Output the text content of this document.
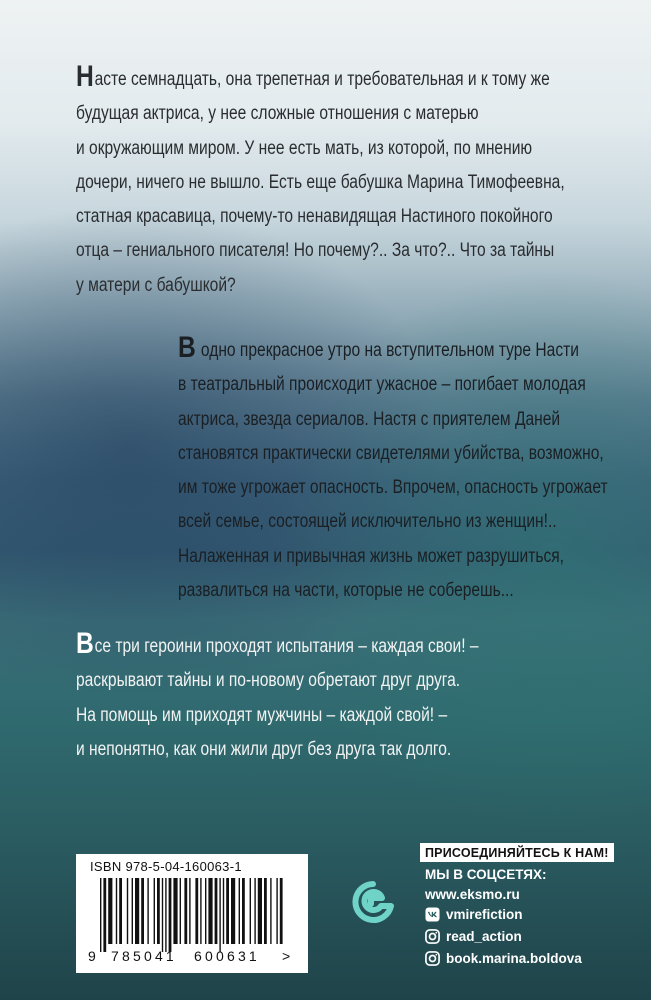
Насте семнадцать, она трепетная и требовательная и к тому же
будущая актриса, у нее сложные отношения с матерью
и окружающим миром. У нее есть мать, из которой, по мнению
дочери, ничего не вышло. Есть еще бабушка Марина Тимофеевна,
статная красавица, почему-то ненавидящая Настиного покойного
отца – гениального писателя! Но почему?.. За что?.. Что за тайны
у матери с бабушкой?
В одно прекрасное утро на вступительном туре Насти
в театральный происходит ужасное – погибает молодая
актриса, звезда сериалов. Настя с приятелем Даней
становятся практически свидетелями убийства, возможно,
им тоже угрожает опасность. Впрочем, опасность угрожает
всей семье, состоящей исключительно из женщин!..
Налаженная и привычная жизнь может разрушиться,
развалиться на части, которые не соберешь...
Все три героини проходят испытания – каждая свои! –
раскрывают тайны и по-новому обретают друг друга.
На помощь им приходят мужчины – каждой свой! –
и непонятно, как они жили друг без друга так долго.
ISBN 978-5-04-160063-1
9 785041 600631 >
ПРИСОЕДИНЯЙТЕСЬ К НАМ!
МЫ В СОЦСЕТЯХ:
www.eksmo.ru
vmirefiction
read_action
book.marina.boldova
